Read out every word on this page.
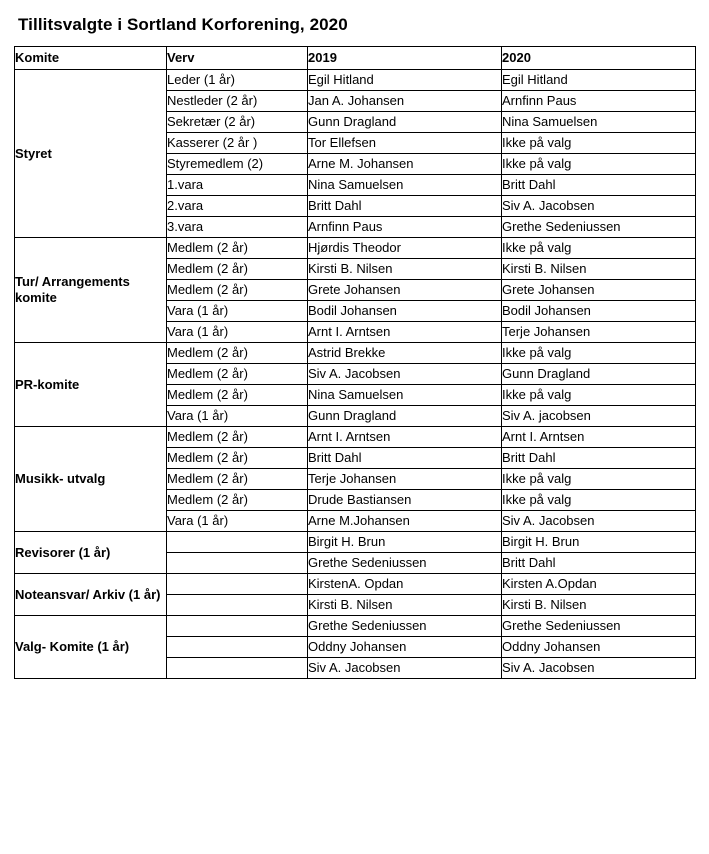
Tillitsvalgte i Sortland Korforening, 2020
Komite	Verv	2019	2020
Styret	Leder (1 år)	Egil Hitland	Egil Hitland
	Nestleder (2 år)	Jan A. Johansen	Arnfinn Paus
	Sekretær (2 år)	Gunn Dragland	Nina Samuelsen
	Kasserer (2 år )	Tor Ellefsen	Ikke på valg
	Styremedlem (2)	Arne M. Johansen	Ikke på valg
	1.vara	Nina Samuelsen	Britt Dahl
	2.vara	Britt Dahl	Siv A. Jacobsen
	3.vara	Arnfinn Paus	Grethe Sedeniussen
Tur/ Arrangements komite	Medlem (2 år)	Hjørdis Theodor	Ikke på valg
	Medlem (2 år)	Kirsti B. Nilsen	Kirsti B. Nilsen
	Medlem (2 år)	Grete Johansen	Grete Johansen
	Vara (1 år)	Bodil Johansen	Bodil Johansen
	Vara (1 år)	Arnt I. Arntsen	Terje Johansen
PR-komite	Medlem (2 år)	Astrid Brekke	Ikke på valg
	Medlem (2 år)	Siv A. Jacobsen	Gunn Dragland
	Medlem (2 år)	Nina Samuelsen	Ikke på valg
	Vara (1 år)	Gunn Dragland	Siv A. jacobsen
Musikk- utvalg	Medlem (2 år)	Arnt I. Arntsen	Arnt I. Arntsen
	Medlem (2 år)	Britt Dahl	Britt Dahl
	Medlem (2 år)	Terje Johansen	Ikke på valg
	Medlem (2 år)	Drude Bastiansen	Ikke på valg
	Vara (1 år)	Arne M.Johansen	Siv A. Jacobsen
Revisorer (1 år)		Birgit H. Brun	Birgit H. Brun
		Grethe Sedeniussen	Britt Dahl
Noteansvar/ Arkiv (1 år)		KirstenA. Opdan	Kirsten A.Opdan
		Kirsti B. Nilsen	Kirsti B. Nilsen
Valg- Komite (1 år)		Grethe Sedeniussen	Grethe Sedeniussen
		Oddny Johansen	Oddny Johansen
		Siv A. Jacobsen	Siv A. Jacobsen
